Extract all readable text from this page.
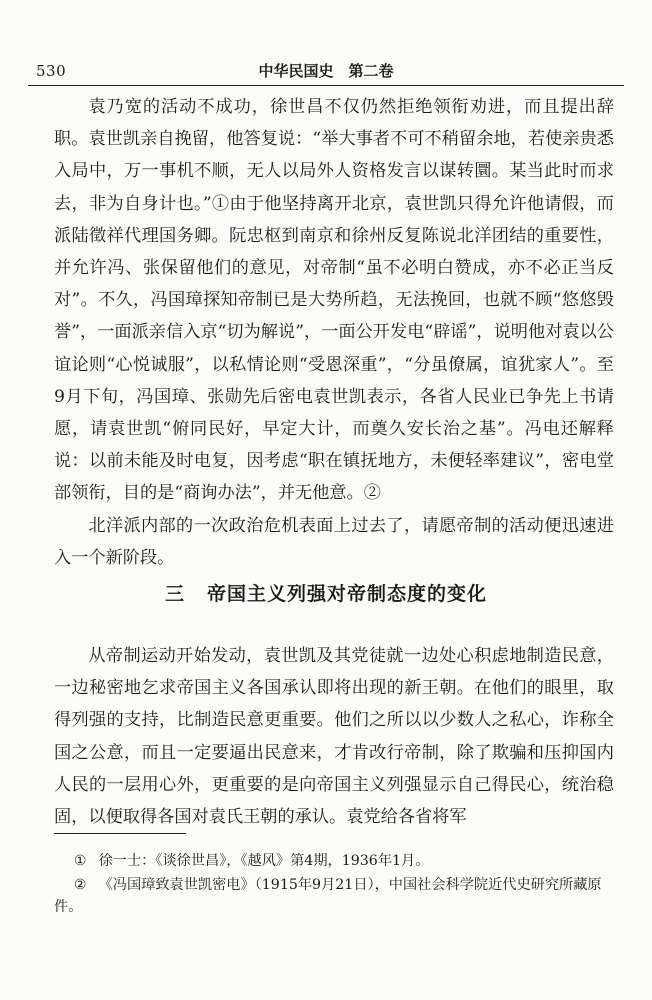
530	中华民国史　第二卷

袁乃宽的活动不成功，徐世昌不仅仍然拒绝领衔劝进，而且提出辞职。袁世凯亲自挽留，他答复说：“举大事者不可不稍留余地，若使亲贵悉入局中，万一事机不顺，无人以局外人资格发言以谋转圜。某当此时而求去，非为自身计也。”①由于他坚持离开北京，袁世凯只得允许他请假，而派陆徵祥代理国务卿。阮忠枢到南京和徐州反复陈说北洋团结的重要性，并允许冯、张保留他们的意见，对帝制“虽不必明白赞成，亦不必正当反对”。不久，冯国璋探知帝制已是大势所趋，无法挽回，也就不顾“悠悠毁誉”，一面派亲信入京“切为解说”，一面公开发电“辟谣”，说明他对袁以公谊论则“心悦诚服”，以私情论则“受恩深重”，“分虽僚属，谊犹家人”。至9月下旬，冯国璋、张勋先后密电袁世凯表示，各省人民业已争先上书请愿，请袁世凯“俯同民好，早定大计，而奠久安长治之基”。冯电还解释说：以前未能及时电复，因考虑“职在镇抚地方，未便轻率建议”，密电堂部领衔，目的是“商询办法”，并无他意。②

北洋派内部的一次政治危机表面上过去了，请愿帝制的活动便迅速进入一个新阶段。

三 帝国主义列强对帝制态度的变化

从帝制运动开始发动，袁世凯及其党徒就一边处心积虑地制造民意，一边秘密地乞求帝国主义各国承认即将出现的新王朝。在他们的眼里，取得列强的支持，比制造民意更重要。他们之所以以少数人之私心，诈称全国之公意，而且一定要逼出民意来，才肯改行帝制，除了欺骗和压抑国内人民的一层用心外，更重要的是向帝国主义列强显示自己得民心，统治稳固，以便取得各国对袁氏王朝的承认。袁党给各省将军

① 徐一士：《谈徐世昌》，《越风》第4期，1936年1月。

② 《冯国璋致袁世凯密电》（1915年9月21日），中国社会科学院近代史研究所藏原件。
